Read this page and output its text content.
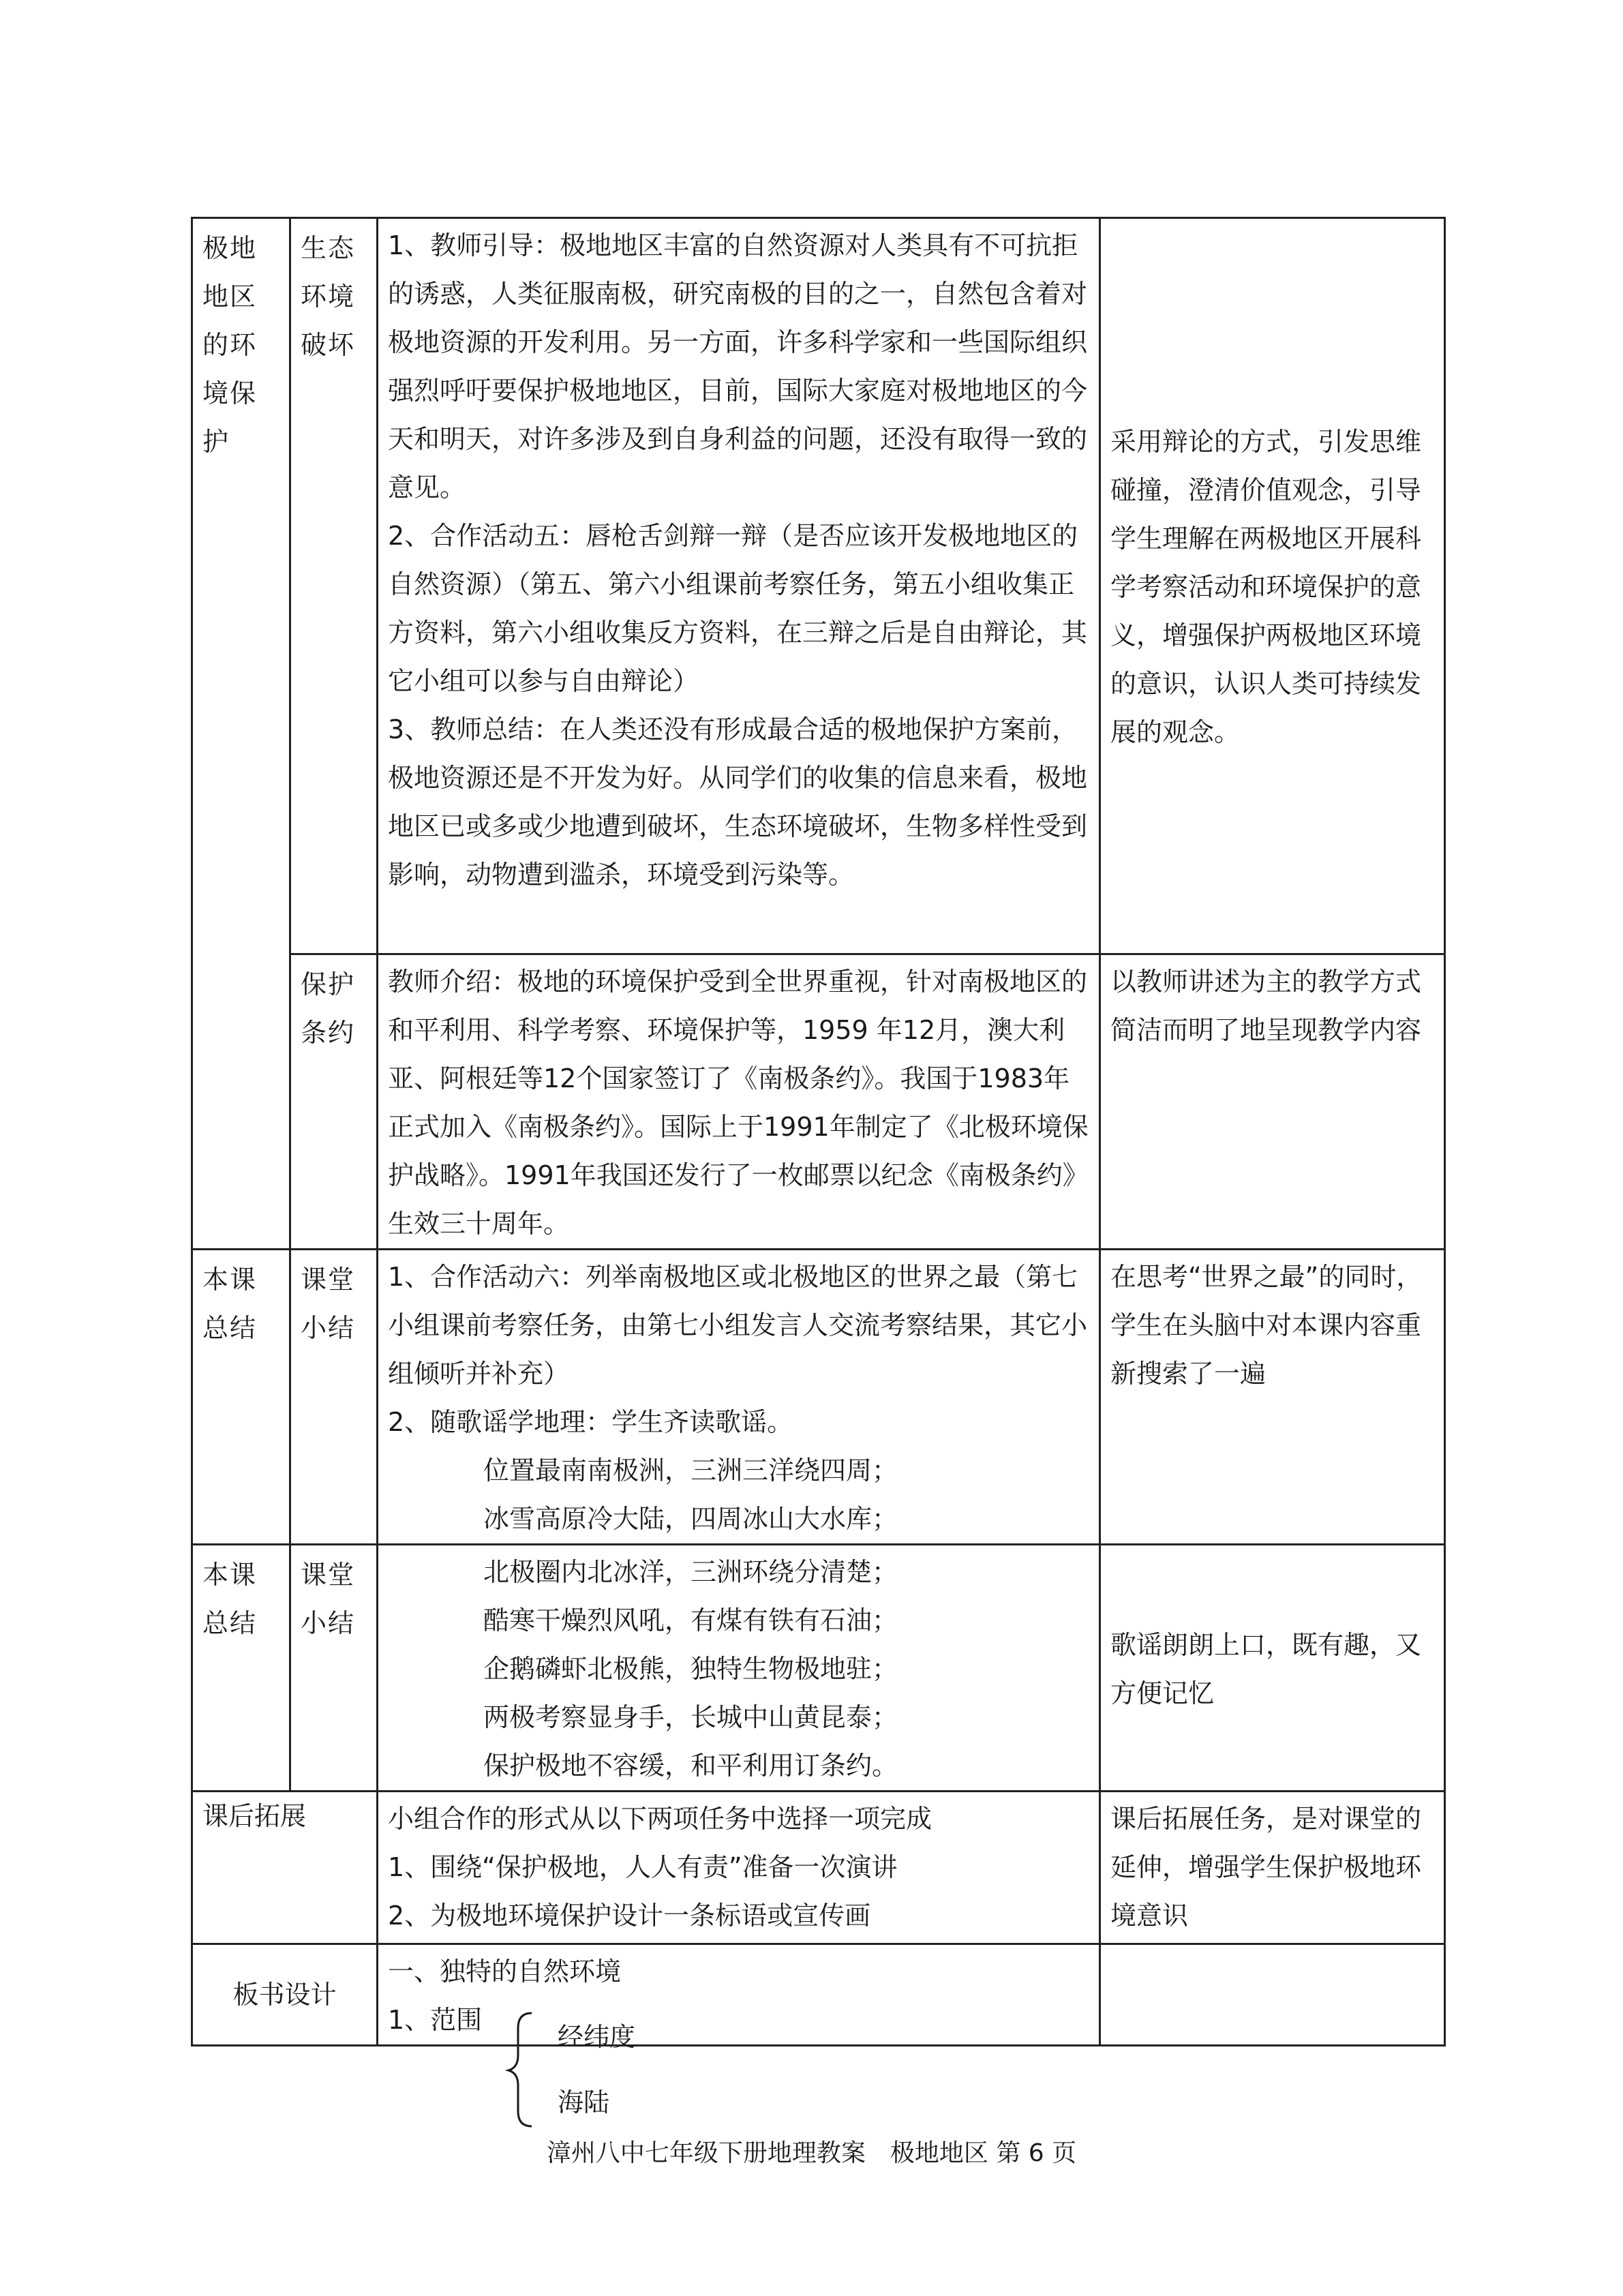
极地地区的环境保护	生态环境破坏	1、教师引导：极地地区丰富的自然资源对人类具有不可抗拒的诱惑，人类征服南极，研究南极的目的之一，自然包含着对极地资源的开发利用。另一方面，许多科学家和一些国际组织强烈呼吁要保护极地地区，目前，国际大家庭对极地地区的今天和明天，对许多涉及到自身利益的问题，还没有取得一致的意见。

2、合作活动五：唇枪舌剑辩一辩（是否应该开发极地地区的自然资源）（第五、第六小组课前考察任务，第五小组收集正方资料，第六小组收集反方资料，在三辩之后是自由辩论，其它小组可以参与自由辩论）

3、教师总结：在人类还没有形成最合适的极地保护方案前，极地资源还是不开发为好。从同学们的收集的信息来看，极地地区已或多或少地遭到破坏，生态环境破坏，生物多样性受到影响，动物遭到滥杀，环境受到污染等。	采用辩论的方式，引发思维碰撞，澄清价值观念，引导学生理解在两极地区开展科学考察活动和环境保护的意义，增强保护两极地区环境的意识，认识人类可持续发展的观念。

	保护条约	教师介绍：极地的环境保护受到全世界重视，针对南极地区的和平利用、科学考察、环境保护等，1959 年12月，澳大利亚、阿根廷等12个国家签订了《南极条约》。我国于1983年正式加入《南极条约》。国际上于1991年制定了《北极环境保护战略》。1991年我国还发行了一枚邮票以纪念《南极条约》生效三十周年。	以教师讲述为主的教学方式简洁而明了地呈现教学内容

本课总结	课堂小结	1、合作活动六：列举南极地区或北极地区的世界之最（第七小组课前考察任务，由第七小组发言人交流考察结果，其它小组倾听并补充）

2、随歌谣学地理：学生齐读歌谣。

位置最南南极洲，三洲三洋绕四周；

冰雪高原冷大陆，四周冰山大水库；	在思考“世界之最”的同时，学生在头脑中对本课内容重新搜索了一遍

本课总结	课堂小结	北极圈内北冰洋，三洲环绕分清楚；

酷寒干燥烈风吼，有煤有铁有石油；

企鹅磷虾北极熊，独特生物极地驻；

两极考察显身手，长城中山黄昆泰；

保护极地不容缓，和平利用订条约。	歌谣朗朗上口，既有趣，又方便记忆

课后拓展		小组合作的形式从以下两项任务中选择一项完成

1、围绕“保护极地，人人有责”准备一次演讲

2、为极地环境保护设计一条标语或宣传画	课后拓展任务，是对课堂的延伸，增强学生保护极地环境意识

板书设计		一、独特的自然环境

1、范围	

经纬度
海陆
漳州八中七年级下册地理教案　极地地区 第 6 页
